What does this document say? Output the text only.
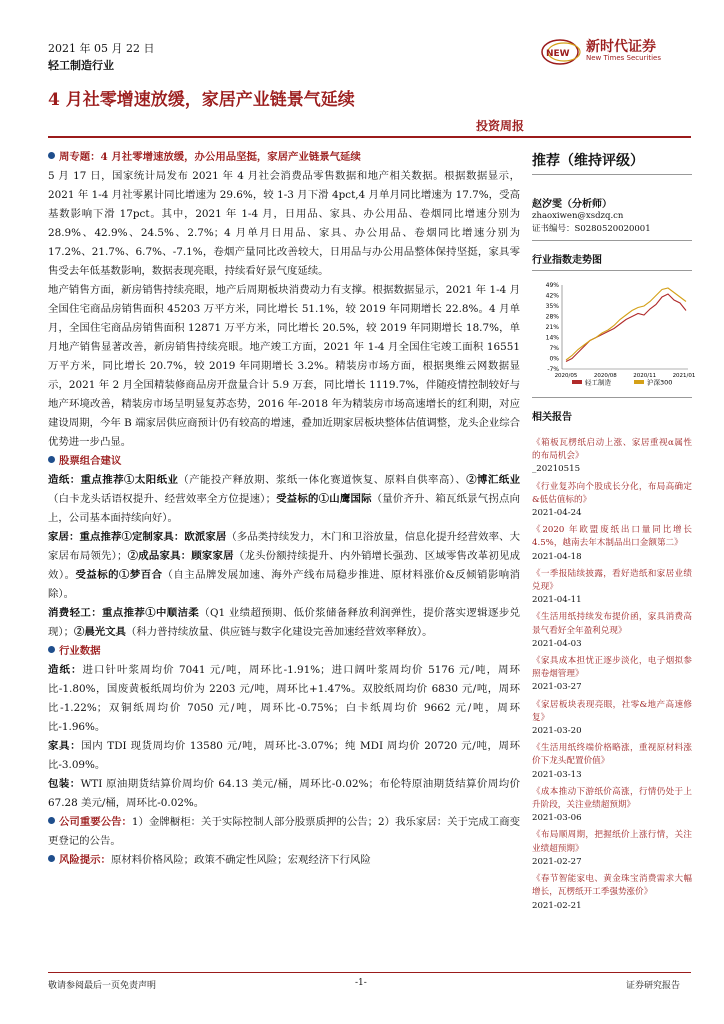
2021 年 05 月 22 日
轻工制造行业
4 月社零增速放缓，家居产业链景气延续
投资周报
NEW 新时代证券
New Times Securities

周专题：4 月社零增速放缓，办公用品坚挺，家居产业链景气延续

5 月 17 日，国家统计局发布 2021 年 4 月社会消费品零售数据和地产相关数据。根据数据显示，2021 年 1-4 月社零累计同比增速为 29.6%，较 1-3 月下滑 4pct,4 月单月同比增速为 17.7%，受高基数影响下滑 17pct。其中，2021 年 1-4 月，日用品、家具、办公用品、卷烟同比增速分别为 28.9%、42.9%、24.5%、2.7%；4 月单月日用品、家具、办公用品、卷烟同比增速分别为 17.2%、21.7%、6.7%、-7.1%，卷烟产量同比改善较大，日用品与办公用品整体保持坚挺，家具零售受去年低基数影响，数据表现亮眼，持续看好景气度延续。

地产销售方面，新房销售持续亮眼，地产后周期板块消费动力有支撑。根据数据显示，2021 年 1-4 月全国住宅商品房销售面积 45203 万平方米，同比增长 51.1%，较 2019 年同期增长 22.8%。4 月单月，全国住宅商品房销售面积 12871 万平方米，同比增长 20.5%，较 2019 年同期增长 18.7%，单月地产销售显著改善，新房销售持续亮眼。地产竣工方面，2021 年 1-4 月全国住宅竣工面积 16551 万平方米，同比增长 20.7%，较 2019 年同期增长 3.2%。精装房市场方面，根据奥维云网数据显示，2021 年 2 月全国精装修商品房开盘量合计 5.9 万套，同比增长 1119.7%，伴随疫情控制较好与地产环境改善，精装房市场呈明显复苏态势，2016 年-2018 年为精装房市场高速增长的红利期，对应建设周期，今年 B 端家居供应商预计仍有较高的增速，叠加近期家居板块整体估值调整，龙头企业综合优势进一步凸显。

股票组合建议

造纸：重点推荐①太阳纸业（产能投产释放期、浆纸一体化赛道恢复、原料自供率高）、②博汇纸业（白卡龙头话语权提升、经营效率全方位提速）；受益标的①山鹰国际（量价齐升、箱瓦纸景气拐点向上，公司基本面持续向好）。

家居：重点推荐①定制家具：欧派家居（多品类持续发力，木门和卫浴放量，信息化提升经营效率、大家居布局领先）；②成品家具：顾家家居（龙头份额持续提升、内外销增长强劲、区域零售改革初见成效）。受益标的①梦百合（自主品牌发展加速、海外产线布局稳步推进、原材料涨价&反倾销影响消除）。

消费轻工：重点推荐①中顺洁柔（Q1 业绩超预期、低价浆储备释放利润弹性，提价落实逻辑逐步兑现）；②晨光文具（科力普持续放量、供应链与数字化建设完善加速经营效率释放）。

行业数据

造纸：进口针叶浆周均价 7041 元/吨，周环比-1.91%；进口阔叶浆周均价 5176 元/吨，周环比-1.80%，国废黄板纸周均价为 2203 元/吨，周环比+1.47%。双胶纸周均价 6830 元/吨，周环比-1.22%；双铜纸周均价 7050 元/吨，周环比-0.75%；白卡纸周均价 9662 元/吨，周环比-1.96%。

家具：国内 TDI 现货周均价 13580 元/吨，周环比-3.07%；纯 MDI 周均价 20720 元/吨，周环比-3.09%。

包装：WTI 原油期货结算价周均价 64.13 美元/桶，周环比-0.02%；布伦特原油期货结算价周均价 67.28 美元/桶，周环比-0.02%。

公司重要公告：1）金牌橱柜：关于实际控制人部分股票质押的公告；2）我乐家居：关于完成工商变更登记的公告。

风险提示：原材料价格风险；政策不确定性风险；宏观经济下行风险

推荐（维持评级）
赵汐雯（分析师）
zhaoxiwen@xsdzq.cn
证书编号：S0280520020001
行业指数走势图
49%
42%
35%
28%
21%
14%
7%
0%
-7%
2020/05	2020/08	2020/11	2021/01
轻工制造	沪深300
相关报告
《箱板瓦楞纸启动上涨、家居重视α属性的布局机会》
_20210515
《行业复苏向个股成长分化，布局高确定&低估值标的》
2021-04-24
《2020 年欧盟废纸出口量同比增长 4.5%，越南去年木制品出口金额第二》
2021-04-18
《一季报陆续披露，看好造纸和家居业绩兑现》
2021-04-11
《生活用纸持续发布提价函，家具消费高景气看好全年盈利兑现》
2021-04-03
《家具成本担忧正逐步淡化，电子烟拟参照卷烟管理》
2021-03-27
《家居板块表现亮眼，社零&地产高速修复》
2021-03-20
《生活用纸终端价格略涨，重视原材料涨价下龙头配置价值》
2021-03-13
《成本推动下游纸价高涨，行情仍处于上升阶段，关注业绩超预期》
2021-03-06
《布局顺周期，把握纸价上涨行情，关注业绩超预期》
2021-02-27
《春节智能家电、黄金珠宝消费需求大幅增长，瓦楞纸开工季强势涨价》
2021-02-21
敬请参阅最后一页免责声明	-1-	证券研究报告
